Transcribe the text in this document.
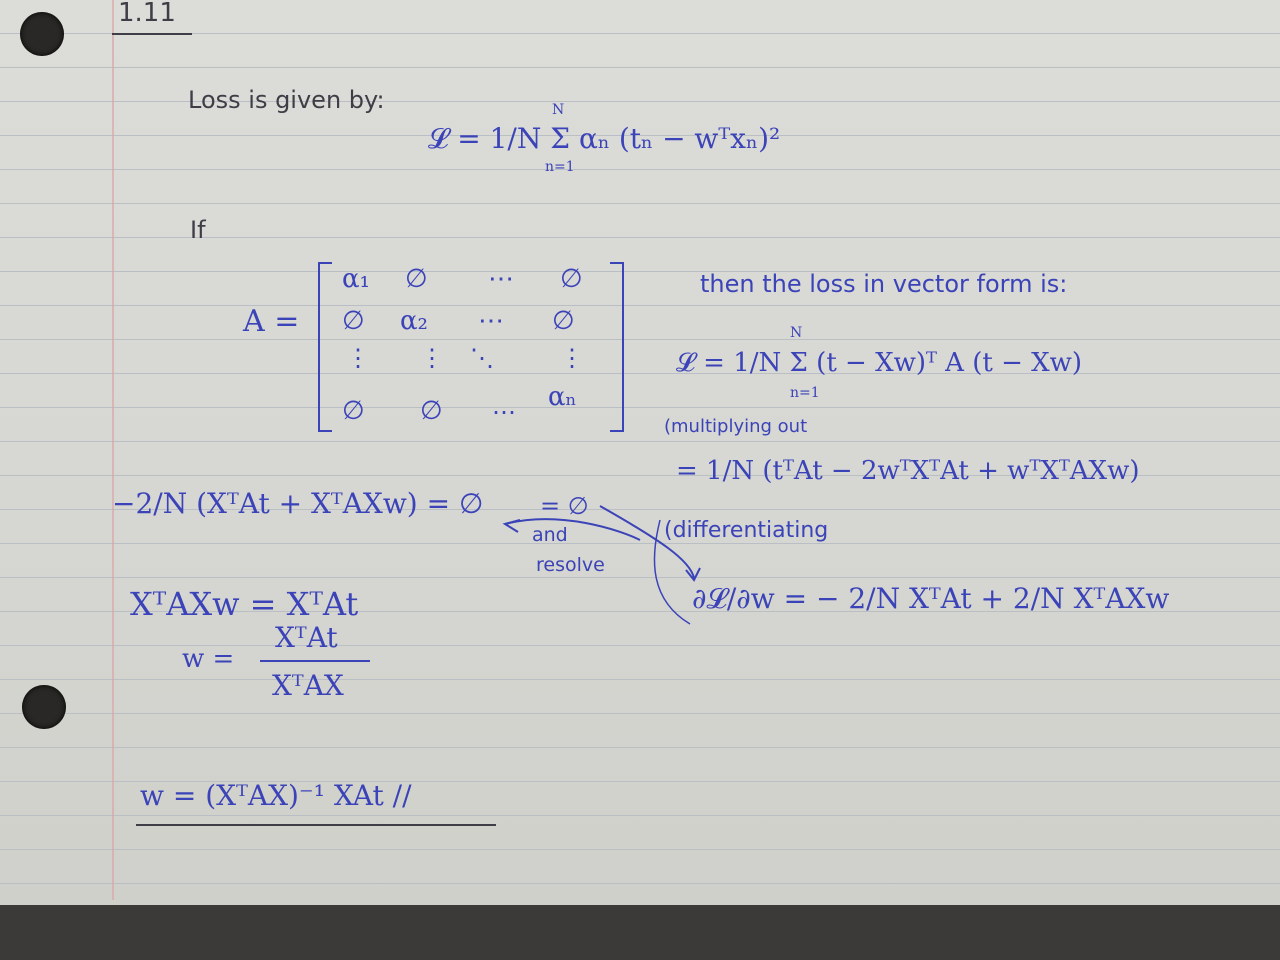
1.11
Loss is given by:	N
𝓛 = 1/N Σ αₙ (tₙ − wᵀxₙ)²
n=1
If
A =
α₁ ∅ ⋯ ∅
∅ α₂ ⋯ ∅
⋮ ⋮ ⋱	⋮
∅ ∅ ⋯ αₙ
then the loss in vector form is:
N
𝓛 = 1/N Σ (t − Xw)ᵀ A (t − Xw)
n=1
(multiplying out
= 1/N (tᵀAt − 2wᵀXᵀAt + wᵀXᵀAXw)
(differentiating
∂𝓛/∂w = − 2/N XᵀAt + 2/N XᵀAXw
= ∅
and
resolve
−2/N (XᵀAt + XᵀAXw) = ∅
XᵀAXw = XᵀAt
w =
XᵀAt
XᵀAX
w = (XᵀAX)⁻¹ XAt //
